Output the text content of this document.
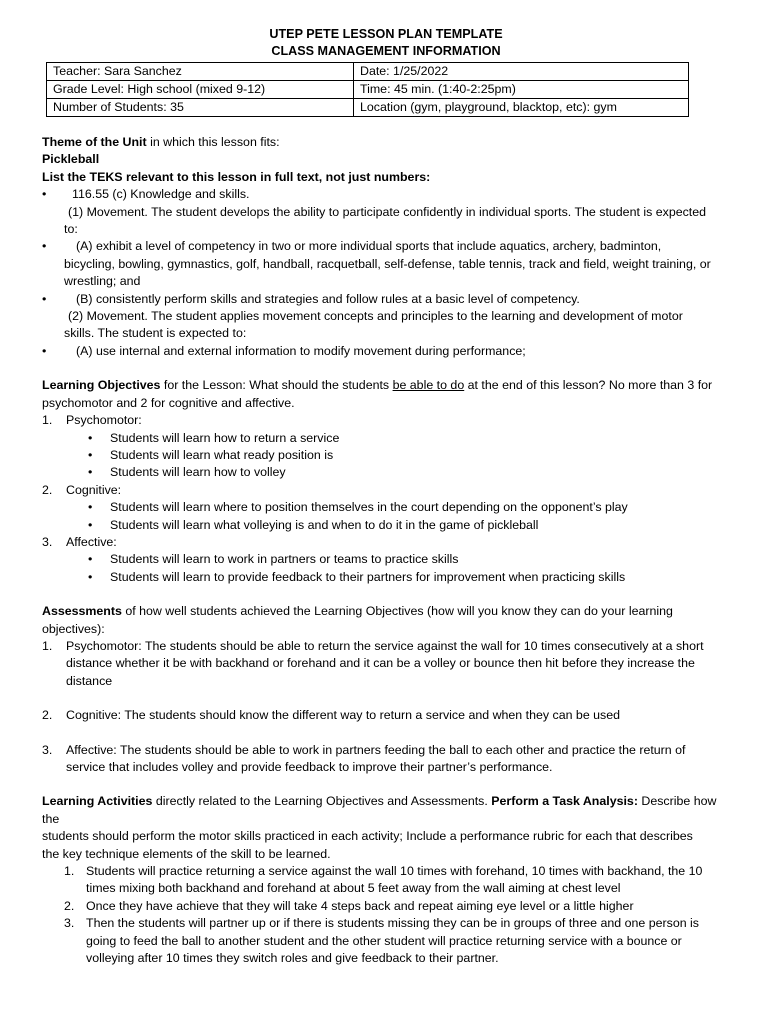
UTEP PETE LESSON PLAN TEMPLATE

CLASS MANAGEMENT INFORMATION

Teacher: Sara Sanchez	Date: 1/25/2022
Grade Level: High school (mixed 9-12)	Time: 45 min. (1:40-2:25pm)
Number of Students: 35	Location (gym, playground, blacktop, etc): gym

Theme of the Unit in which this lesson fits:

Pickleball

List the TEKS relevant to this lesson in full text, not just numbers:

• 116.55 (c) Knowledge and skills.

(1) Movement. The student develops the ability to participate confidently in individual sports. The student is expected

to:

• (A) exhibit a level of competency in two or more individual sports that include aquatics, archery, badminton,
bicycling, bowling, gymnastics, golf, handball, racquetball, self-defense, table tennis, track and field, weight training, or
wrestling; and
• (B) consistently perform skills and strategies and follow rules at a basic level of competency.

(2) Movement. The student applies movement concepts and principles to the learning and development of motor

skills. The student is expected to:

• (A) use internal and external information to modify movement during performance;

Learning Objectives for the Lesson: What should the students be able to do at the end of this lesson? No more than 3 for

psychomotor and 2 for cognitive and affective.

1. Psychomotor:
• Students will learn how to return a service
• Students will learn what ready position is
• Students will learn how to volley
2. Cognitive:
• Students will learn where to position themselves in the court depending on the opponent’s play
• Students will learn what volleying is and when to do it in the game of pickleball
3. Affective:
• Students will learn to work in partners or teams to practice skills
• Students will learn to provide feedback to their partners for improvement when practicing skills

Assessments of how well students achieved the Learning Objectives (how will you know they can do your learning

objectives):

1. Psychomotor: The students should be able to return the service against the wall for 10 times consecutively at a short
distance whether it be with backhand or forehand and it can be a volley or bounce then hit before they increase the
distance
2. Cognitive: The students should know the different way to return a service and when they can be used
3. Affective: The students should be able to work in partners feeding the ball to each other and practice the return of
service that includes volley and provide feedback to improve their partner’s performance.

Learning Activities directly related to the Learning Objectives and Assessments. Perform a Task Analysis: Describe how the

students should perform the motor skills practiced in each activity; Include a performance rubric for each that describes

the key technique elements of the skill to be learned.

1. Students will practice returning a service against the wall 10 times with forehand, 10 times with backhand, the 10
times mixing both backhand and forehand at about 5 feet away from the wall aiming at chest level
2. Once they have achieve that they will take 4 steps back and repeat aiming eye level or a little higher
3. Then the students will partner up or if there is students missing they can be in groups of three and one person is
going to feed the ball to another student and the other student will practice returning service with a bounce or
volleying after 10 times they switch roles and give feedback to their partner.
